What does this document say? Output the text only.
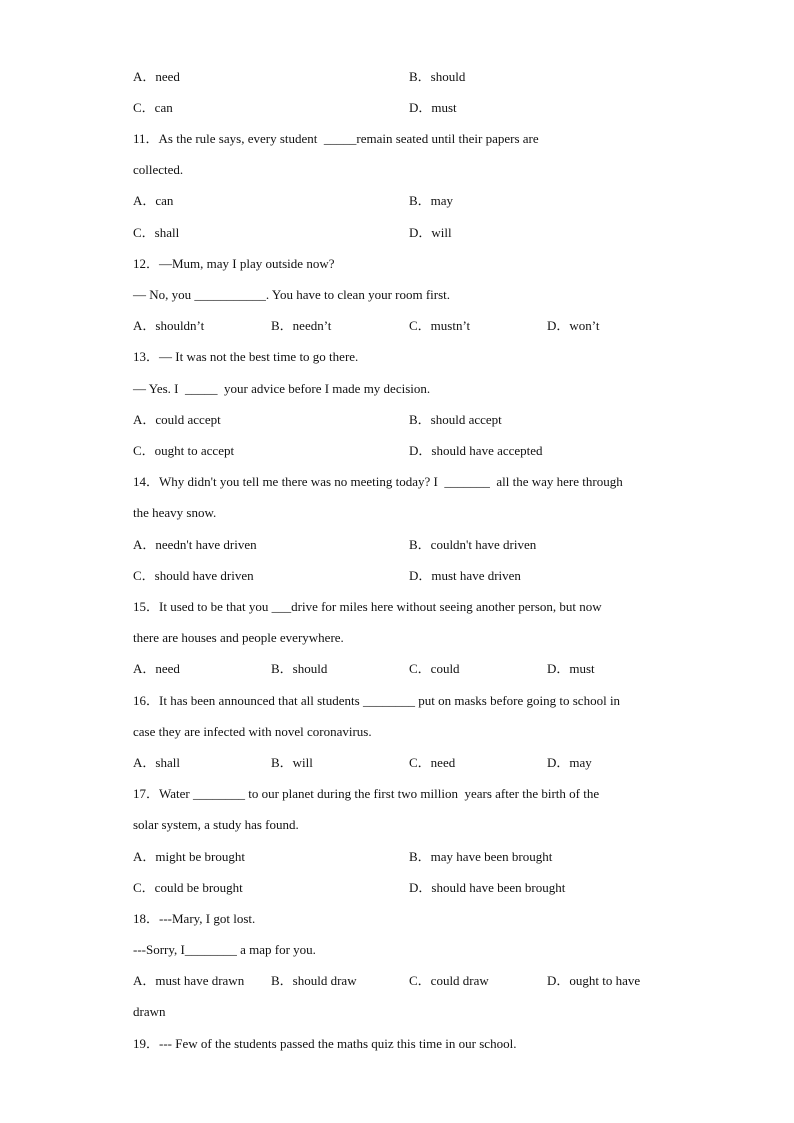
A．need	B．should
C．can	D．must
11．As the rule says, every student  _____remain seated until their papers are
collected.
A．can	B．may
C．shall	D．will
12．—Mum, may I play outside now?
— No, you ___________. You have to clean your room first.
A．shouldn’t	B．needn’t	C．mustn’t	D．won’t
13．— It was not the best time to go there.
— Yes. I  _____  your advice before I made my decision.
A．could accept	B．should accept
C．ought to accept	D．should have accepted
14．Why didn't you tell me there was no meeting today? I  _______  all the way here through
the heavy snow.
A．needn't have driven	B．couldn't have driven
C．should have driven	D．must have driven
15．It used to be that you ___drive for miles here without seeing another person, but now
there are houses and people everywhere.
A．need	B．should	C．could	D．must
16．It has been announced that all students ________ put on masks before going to school in
case they are infected with novel coronavirus.
A．shall	B．will	C．need	D．may
17．Water ________ to our planet during the first two million  years after the birth of the
solar system, a study has found.
A．might be brought	B．may have been brought
C．could be brought	D．should have been brought
18．---Mary, I got lost.
---Sorry, I________ a map for you.
A．must have drawn B．should draw	C．could draw	D．ought to have
drawn
19．--- Few of the students passed the maths quiz this time in our school.
